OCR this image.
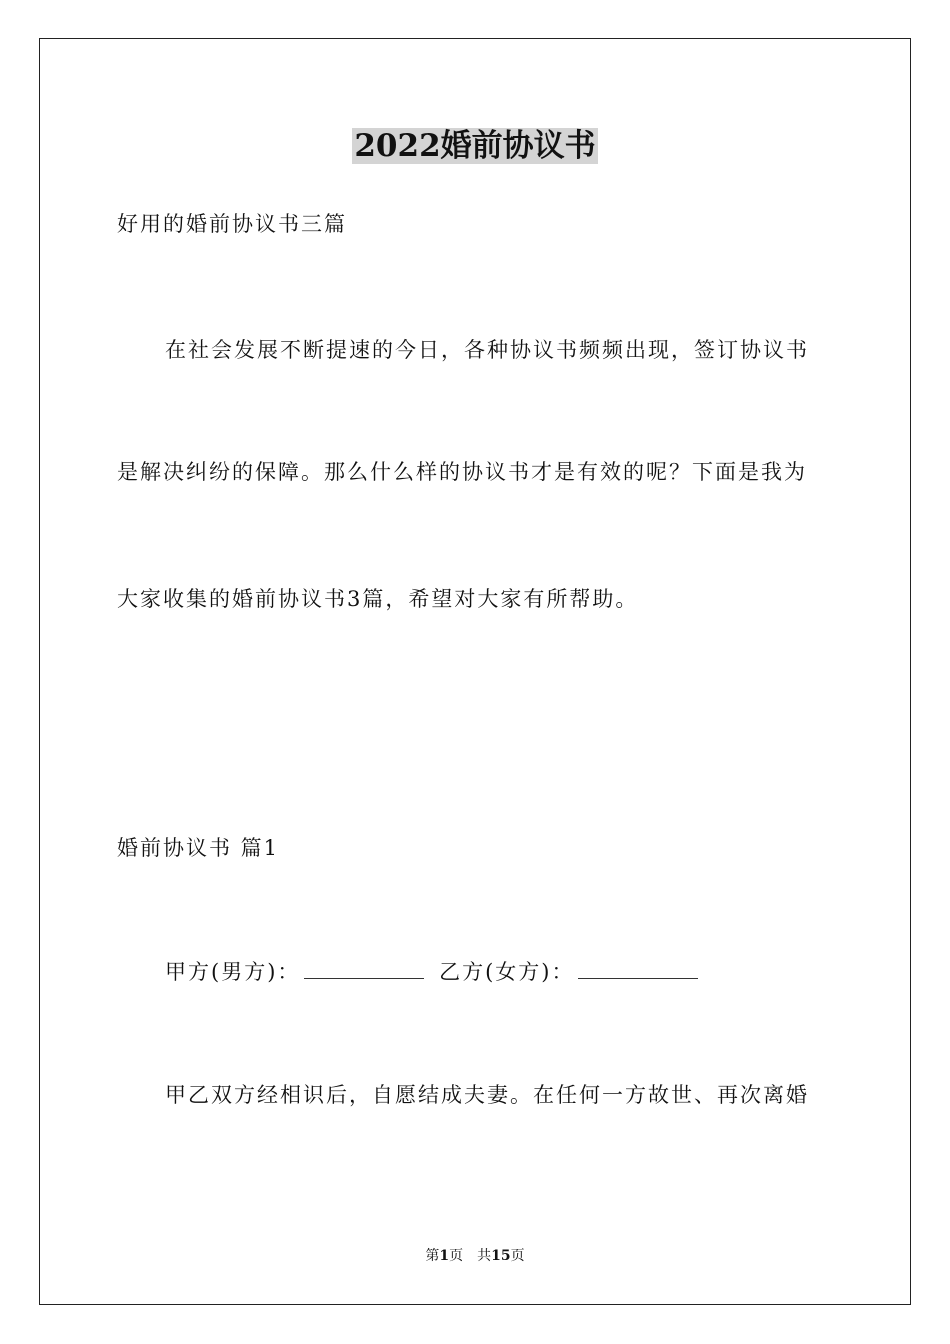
2022婚前协议书
好用的婚前协议书三篇
在社会发展不断提速的今日，各种协议书频频出现，签订协议书
是解决纠纷的保障。那么什么样的协议书才是有效的呢？下面是我为
大家收集的婚前协议书3篇，希望对大家有所帮助。
婚前协议书 篇1
甲方(男方)：	乙方(女方)：
甲乙双方经相识后，自愿结成夫妻。在任何一方故世、再次离婚
第1页 共15页
